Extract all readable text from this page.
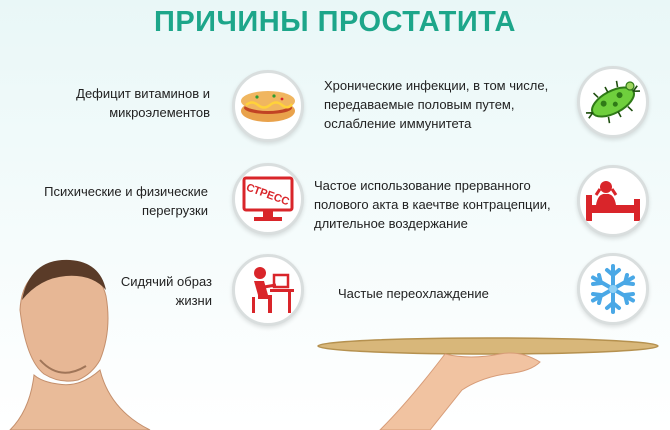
ПРИЧИНЫ ПРОСТАТИТА
Дефицит витаминов и
микроэлементов
Хронические инфекции, в том числе,
передаваемые половым путем,
ослабление иммунитета
Психические и физические
перегрузки
СТРЕСС Частое использование прерванного
полового акта в каечтве контрацепции,
длительное воздержание
Сидячий образ
жизни	Частые переохлаждение
